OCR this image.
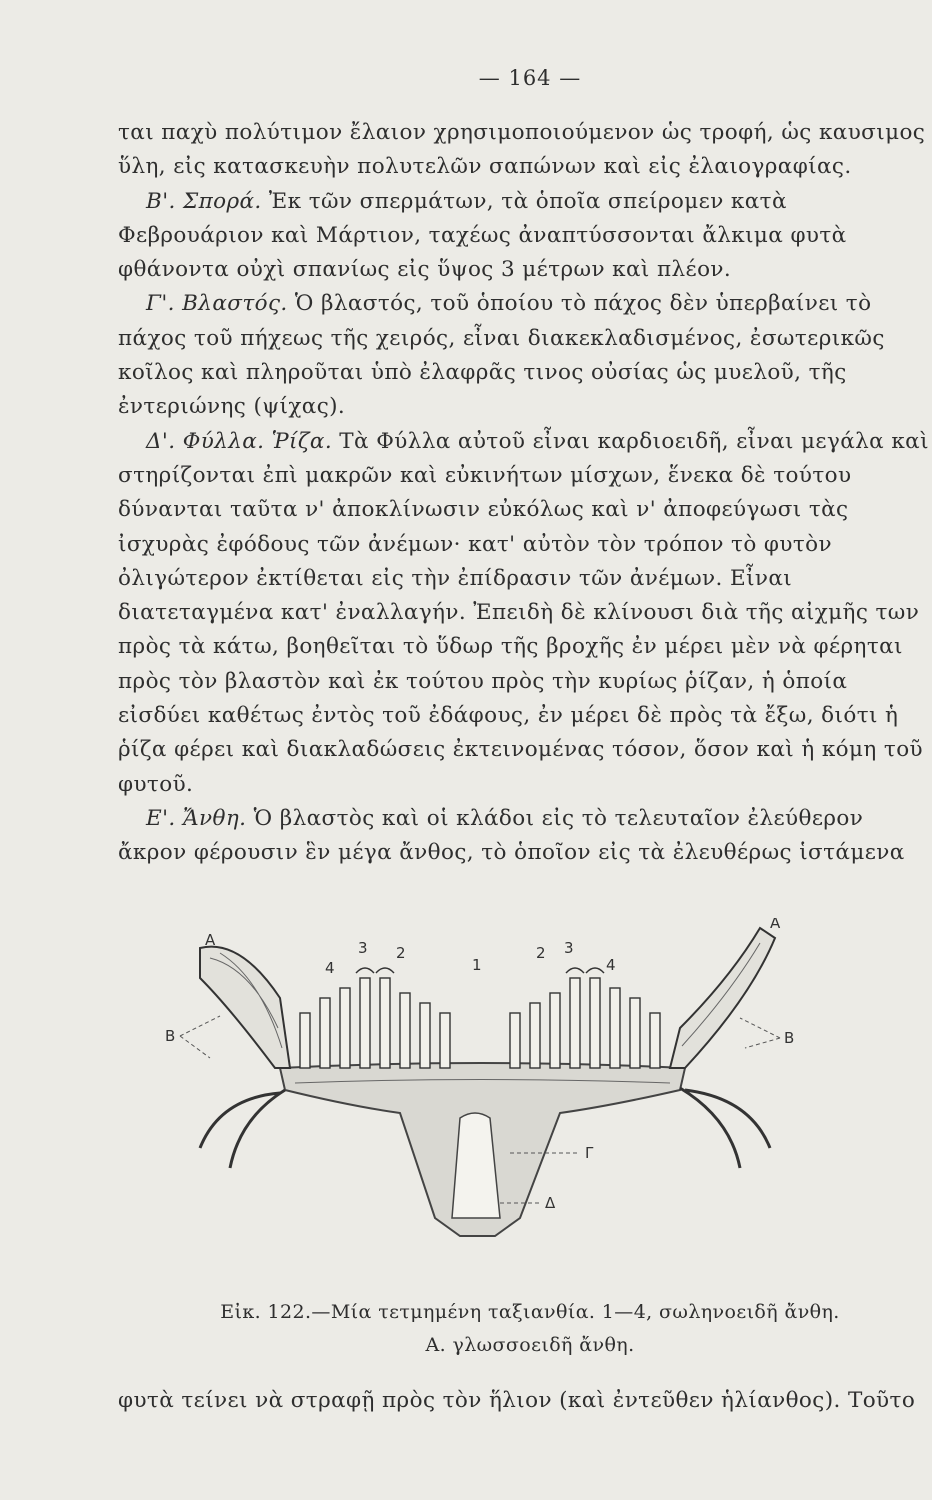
— 164 —

ται παχὺ πολύτιμον ἔλαιον χρησιμοποιούμενον ὡς τροφή, ὡς καυσιμος ὕλη, εἰς κατασκευὴν πολυτελῶν σαπώνων καὶ εἰς ἐλαιογραφίας.

Β'. Σπορά. Ἐκ τῶν σπερμάτων, τὰ ὁποῖα σπείρομεν κατὰ Φεβρουάριον καὶ Μάρτιον, ταχέως ἀναπτύσσονται ἄλκιμα φυτὰ φθάνοντα οὐχὶ σπανίως εἰς ὕψος 3 μέτρων καὶ πλέον.

Γ'. Βλαστός. Ὁ βλαστός, τοῦ ὁποίου τὸ πάχος δὲν ὑπερβαίνει τὸ πάχος τοῦ πήχεως τῆς χειρός, εἶναι διακεκλαδισμένος, ἐσωτερικῶς κοῖλος καὶ πληροῦται ὑπὸ ἐλαφρᾶς τινος οὐσίας ὡς μυελοῦ, τῆς ἐντεριώνης (ψίχας).

Δ'. Φύλλα. Ῥίζα. Τὰ Φύλλα αὐτοῦ εἶναι καρδιοειδῆ, εἶναι μεγάλα καὶ στηρίζονται ἐπὶ μακρῶν καὶ εὐκινήτων μίσχων, ἕνεκα δὲ τούτου δύνανται ταῦτα ν' ἀποκλίνωσιν εὐκόλως καὶ ν' ἀποφεύγωσι τὰς ἰσχυρὰς ἐφόδους τῶν ἀνέμων· κατ' αὐτὸν τὸν τρόπον τὸ φυτὸν ὀλιγώτερον ἐκτίθεται εἰς τὴν ἐπίδρασιν τῶν ἀνέμων. Εἶναι διατεταγμένα κατ' ἐναλλαγήν. Ἐπειδὴ δὲ κλίνουσι διὰ τῆς αἰχμῆς των πρὸς τὰ κάτω, βοηθεῖται τὸ ὕδωρ τῆς βροχῆς ἐν μέρει μὲν νὰ φέρηται πρὸς τὸν βλαστὸν καὶ ἐκ τούτου πρὸς τὴν κυρίως ῥίζαν, ἡ ὁποία εἰσδύει καθέτως ἐντὸς τοῦ ἐδάφους, ἐν μέρει δὲ πρὸς τὰ ἔξω, διότι ἡ ῥίζα φέρει καὶ διακλαδώσεις ἐκτεινομένας τόσον, ὅσον καὶ ἡ κόμη τοῦ φυτοῦ.

Ε'. Ἄνθη. Ὁ βλαστὸς καὶ οἱ κλάδοι εἰς τὸ τελευταῖον ἐλεύθερον ἄκρον φέρουσιν ἓν μέγα ἄνθος, τὸ ὁποῖον εἰς τὰ ἐλευθέρως ἱστάμενα

A
A
B	B
Γ
Δ
1
2	2
3	3
4	4
Εἰκ. 122.—Μία τετμημένη ταξιανθία. 1—4, σωληνοειδῆ ἄνθη.
Α. γλωσσοειδῆ ἄνθη.
φυτὰ τείνει νὰ στραφῇ πρὸς τὸν ἥλιον (καὶ ἐντεῦθεν ἡλίανθος). Τοῦτο
